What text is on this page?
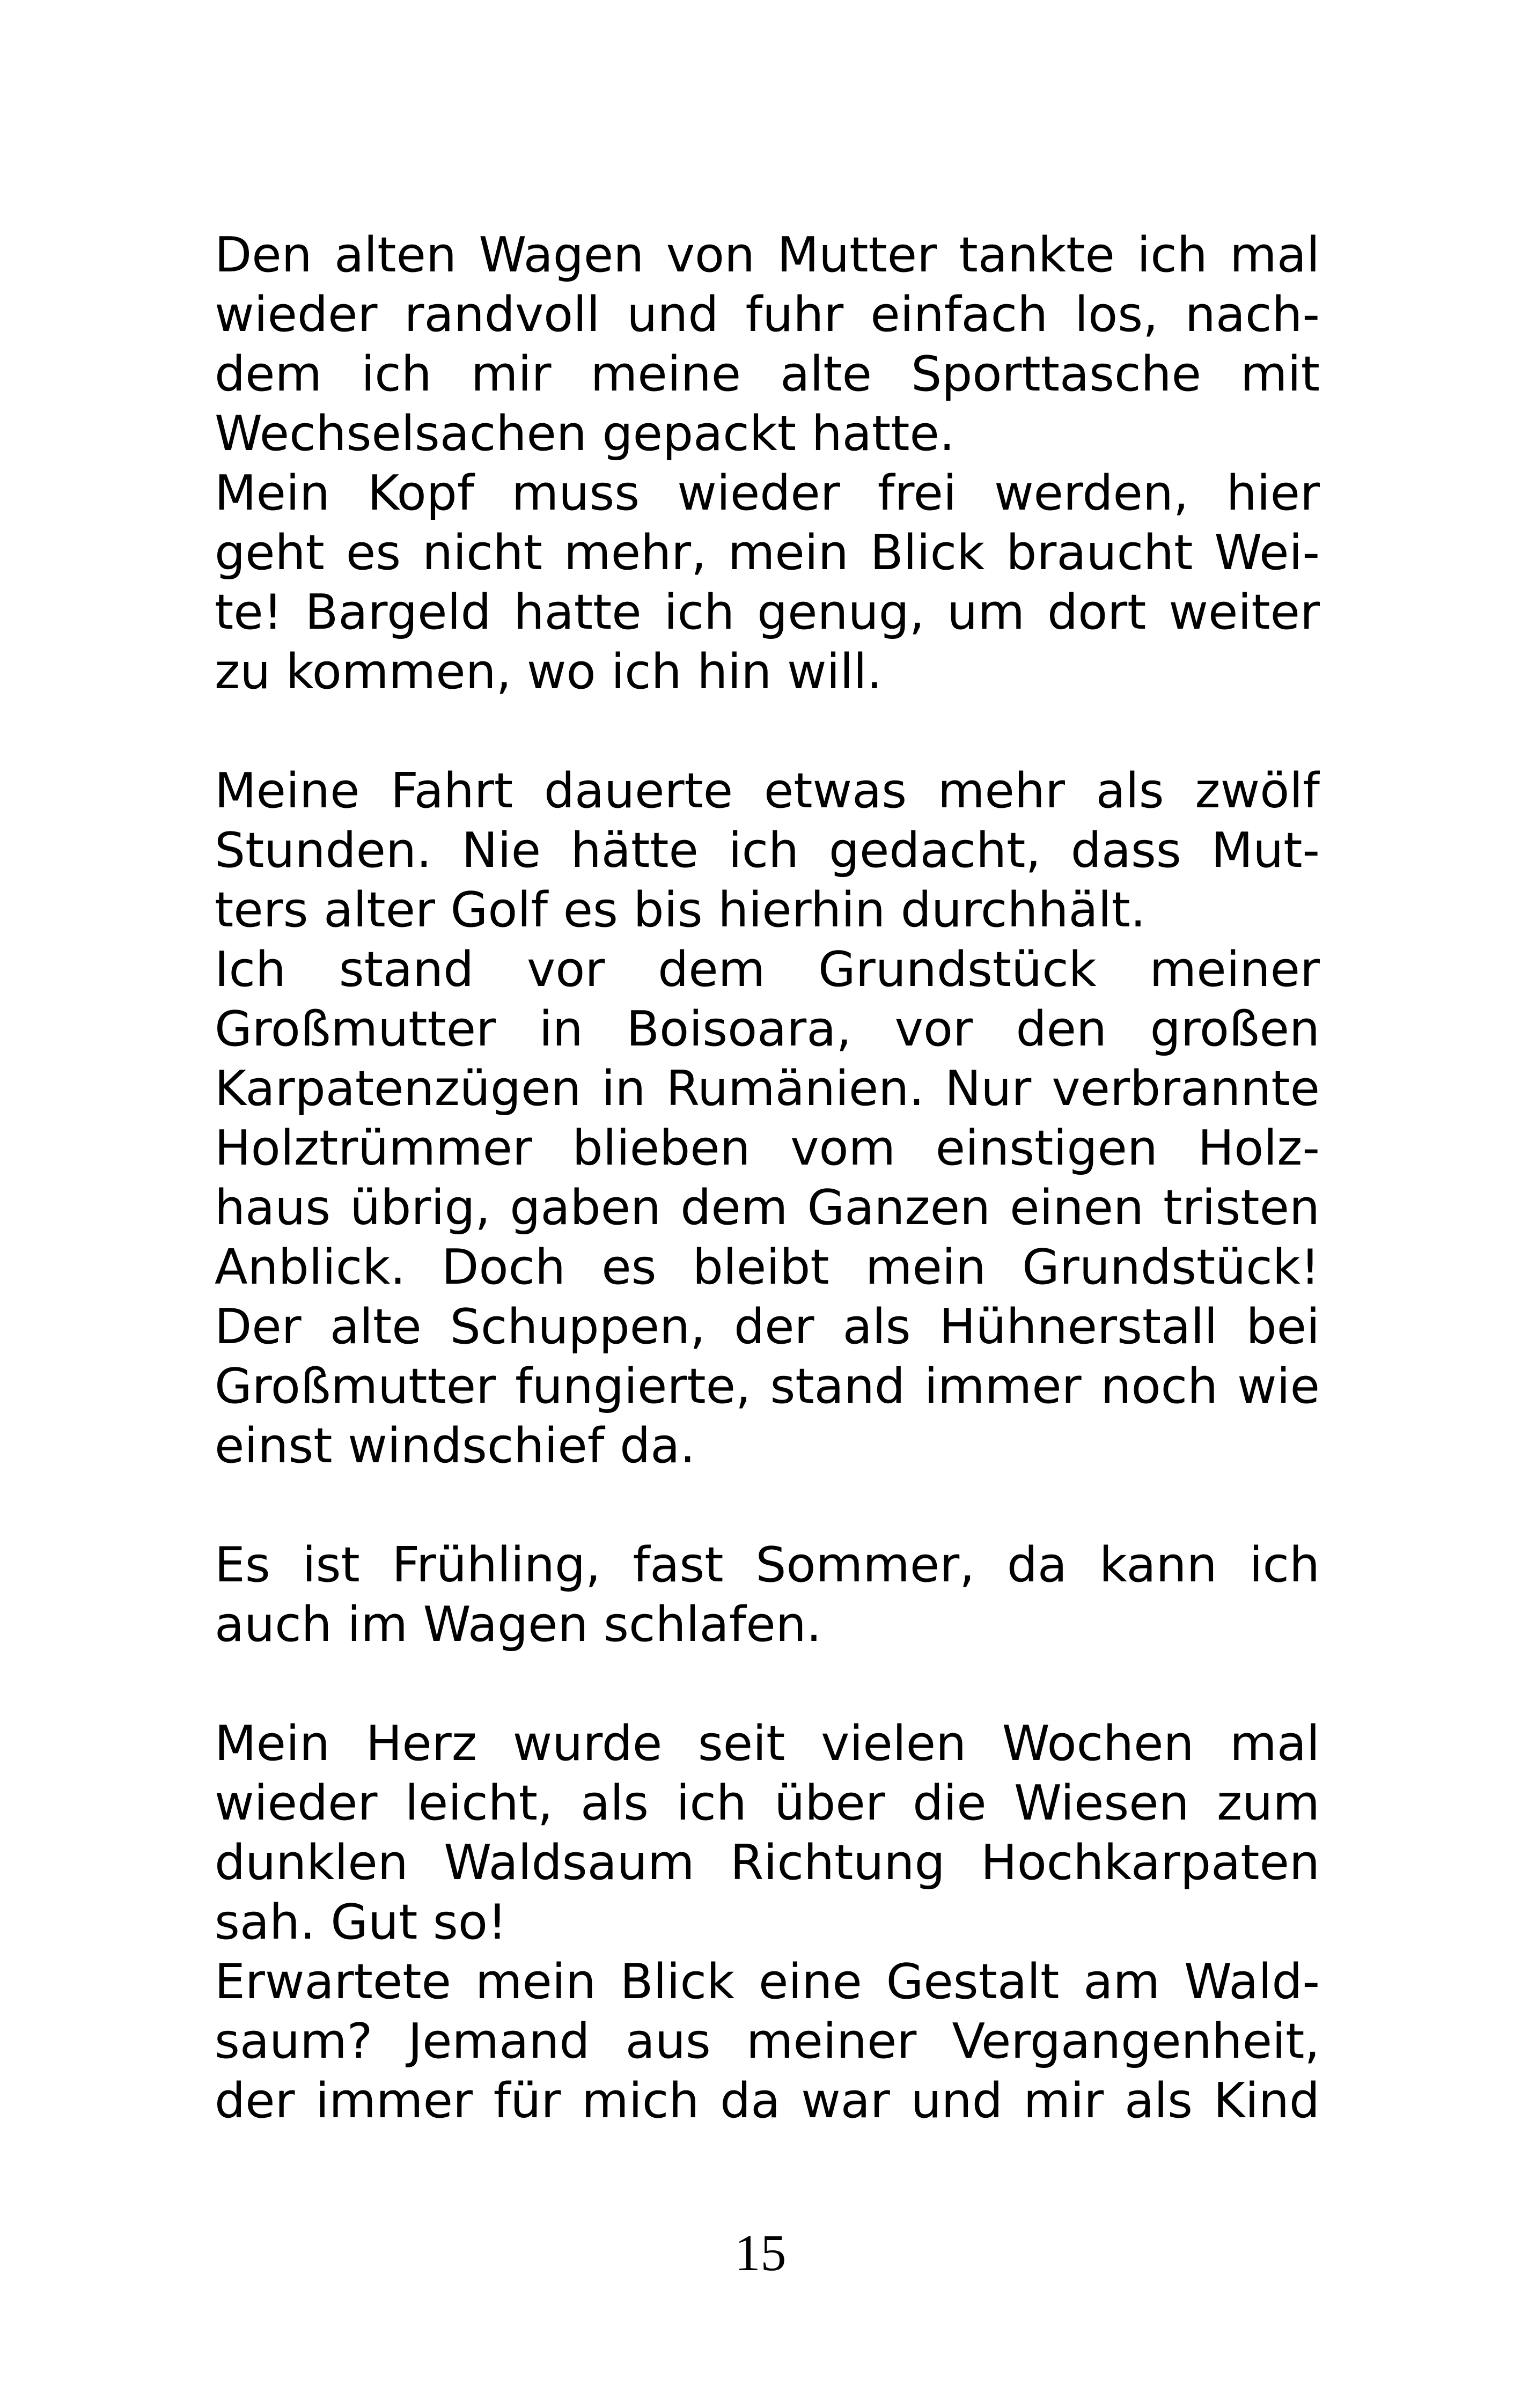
Den alten Wagen von Mutter tankte ich mal
wieder randvoll und fuhr einfach los, nach-
dem ich mir meine alte Sporttasche mit
Wechselsachen gepackt hatte.
Mein Kopf muss wieder frei werden, hier
geht es nicht mehr, mein Blick braucht Wei-
te! Bargeld hatte ich genug, um dort weiter
zu kommen, wo ich hin will.
Meine Fahrt dauerte etwas mehr als zwölf
Stunden. Nie hätte ich gedacht, dass Mut-
ters alter Golf es bis hierhin durchhält.
Ich stand vor dem Grundstück meiner
Großmutter in Boisoara, vor den großen
Karpatenzügen in Rumänien. Nur verbrannte
Holztrümmer blieben vom einstigen Holz-
haus übrig, gaben dem Ganzen einen tristen
Anblick. Doch es bleibt mein Grundstück!
Der alte Schuppen, der als Hühnerstall bei
Großmutter fungierte, stand immer noch wie
einst windschief da.
Es ist Frühling, fast Sommer, da kann ich
auch im Wagen schlafen.
Mein Herz wurde seit vielen Wochen mal
wieder leicht, als ich über die Wiesen zum
dunklen Waldsaum Richtung Hochkarpaten
sah. Gut so!
Erwartete mein Blick eine Gestalt am Wald-
saum? Jemand aus meiner Vergangenheit,
der immer für mich da war und mir als Kind
15
